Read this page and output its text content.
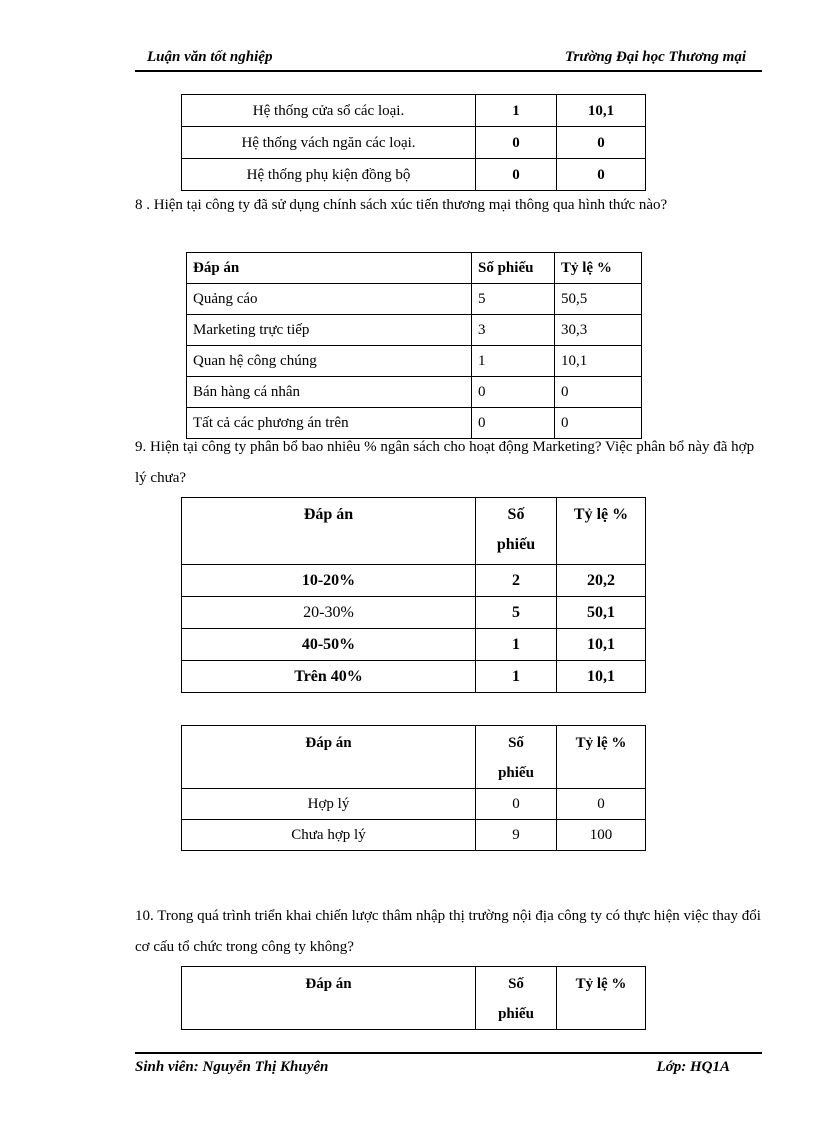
Luận văn tốt nghiệp	Trường Đại học Thương mại
Hệ thống cửa sổ các loại.	1	10,1
Hệ thống vách ngăn các loại.	0	0
Hệ thống phụ kiện đồng bộ	0	0
8 . Hiện tại công ty đã sử dụng chính sách xúc tiến thương mại thông qua hình thức nào?
Đáp án	Số phiếu	Tỷ lệ %
Quảng cáo	5	50,5
Marketing trực tiếp	3	30,3
Quan hệ công chúng	1	10,1
Bán hàng cá nhân	0	0
Tất cả các phương án trên	0	0
9. Hiện tại công ty phân bổ bao nhiêu % ngân sách cho hoạt động Marketing? Việc phân bổ này đã hợp lý chưa?
Đáp án	Số phiếu	Tỷ lệ %
10-20%	2	20,2
20-30%	5	50,1
40-50%	1	10,1
Trên 40%	1	10,1
Đáp án	Số phiếu	Tỷ lệ %
Hợp lý	0	0
Chưa hợp lý	9	100
10. Trong quá trình triển khai chiến lược thâm nhập thị trường nội địa công ty có thực hiện việc thay đổi cơ cấu tổ chức trong công ty không?
Đáp án	Số phiếu	Tỷ lệ %
Sinh viên: Nguyễn Thị Khuyên	Lớp: HQ1A
